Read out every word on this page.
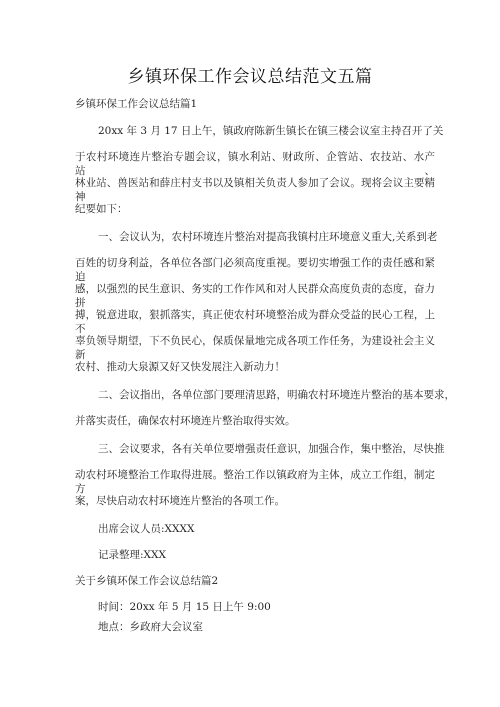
乡镇环保工作会议总结范文五篇
乡镇环保工作会议总结篇1
20xx 年 3 月 17 日上午，镇政府陈新生镇长在镇三楼会议室主持召开了关
于农村环境连片整治专题会议，镇水利站、财政所、企管站、农技站、水产站、
林业站、兽医站和薛庄村支书以及镇相关负责人参加了会议。现将会议主要精神
纪要如下：
一、会议认为，农村环境连片整治对提高我镇村庄环境意义重大,关系到老
百姓的切身利益，各单位各部门必须高度重视。要切实增强工作的责任感和紧迫
感，以强烈的民生意识、务实的工作作风和对人民群众高度负责的态度，奋力拼
搏，锐意进取，狠抓落实，真正使农村环境整治成为群众受益的民心工程，上不
辜负领导期望，下不负民心，保质保量地完成各项工作任务，为建设社会主义新
农村、推动大泉源又好又快发展注入新动力！
二、会议指出，各单位部门要理清思路，明确农村环境连片整治的基本要求，
并落实责任，确保农村环境连片整治取得实效。
三、会议要求，各有关单位要增强责任意识，加强合作，集中整治，尽快推
动农村环境整治工作取得进展。整治工作以镇政府为主体，成立工作组，制定方
案，尽快启动农村环境连片整治的各项工作。
出席会议人员:XXXX
记录整理:XXX
关于乡镇环保工作会议总结篇2
时间：20xx 年 5 月 15 日上午 9:00
地点：乡政府大会议室
